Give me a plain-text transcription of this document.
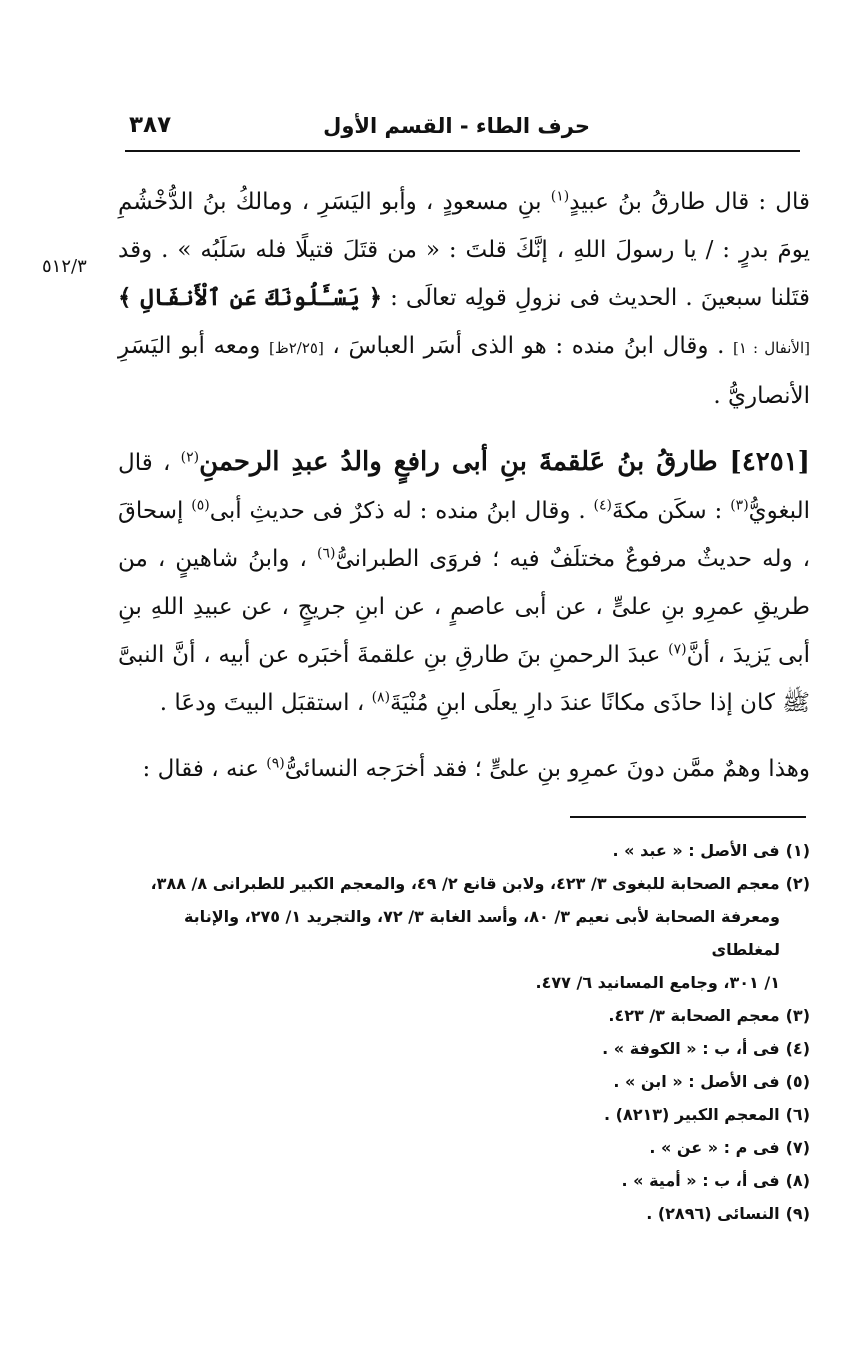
حرف الطاء - القسم الأول
٣٨٧
٥١٢/٣

قال : قال طارقُ بنُ عبيدٍ$^{(١)}$ بنِ مسعودٍ ، وأبو اليَسَرِ ، ومالكُ بنُ الدُّخْشُمِ يومَ بدرٍ : / يا رسولَ اللهِ ، إنَّكَ قلتَ : « من قتَلَ قتيلًا فله سَلَبُه » . وقد قتَلنا سبعينَ . الحديث فى نزولِ قولِه تعالَى : ﴿ يَسْـَٔلُونَكَ عَنِ ٱلْأَنفَالِ ﴾ [الأنفال : ١] . وقال ابنُ منده : هو الذى أسَر العباسَ ، [٢/٢٥ظ] ومعه أبو اليَسَرِ الأنصاريُّ .

[٤٢٥١] طارقُ بنُ عَلقمةَ بنِ أبى رافعٍ والدُ عبدِ الرحمنِ$^{(٢)}$ ، قال البغويُّ$^{(٣)}$ : سكَن مكةَ$^{(٤)}$ . وقال ابنُ منده : له ذكرٌ فى حديثِ أبى$^{(٥)}$ إسحاقَ ، وله حديثٌ مرفوعٌ مختلَفٌ فيه ؛ فروَى الطبرانىُّ$^{(٦)}$ ، وابنُ شاهينٍ ، من طريقِ عمرِو بنِ علىٍّ ، عن أبى عاصمٍ ، عن ابنِ جريجٍ ، عن عبيدِ اللهِ بنِ أبى يَزيدَ ، أنَّ$^{(٧)}$ عبدَ الرحمنِ بنَ طارقِ بنِ علقمةَ أخبَره عن أبيه ، أنَّ النبىَّ ﷺ كان إذا حاذَى مكانًا عندَ دارِ يعلَى ابنِ مُنْيَةَ$^{(٨)}$ ، استقبَل البيتَ ودعَا .

وهذا وهمٌ ممَّن دونَ عمرِو بنِ علىٍّ ؛ فقد أخرَجه النسائىُّ$^{(٩)}$ عنه ، فقال :

(١)فى الأصل : « عبد » .

(٢)معجم الصحابة للبغوى ٣/ ٤٢٣، ولابن قانع ٢/ ٤٩، والمعجم الكبير للطبرانى ٨/ ٣٨٨،

ومعرفة الصحابة لأبى نعيم ٣/ ٨٠، وأسد الغابة ٣/ ٧٢، والتجريد ١/ ٢٧٥، والإنابة لمغلطاى

١/ ٣٠١، وجامع المسانيد ٦/ ٤٧٧.

(٣)معجم الصحابة ٣/ ٤٢٣.

(٤)فى أ، ب : « الكوفة » .

(٥)فى الأصل : « ابن » .

(٦)المعجم الكبير (٨٢١٣) .

(٧)فى م : « عن » .

(٨)فى أ، ب : « أمية » .

(٩)النسائى (٢٨٩٦) .
